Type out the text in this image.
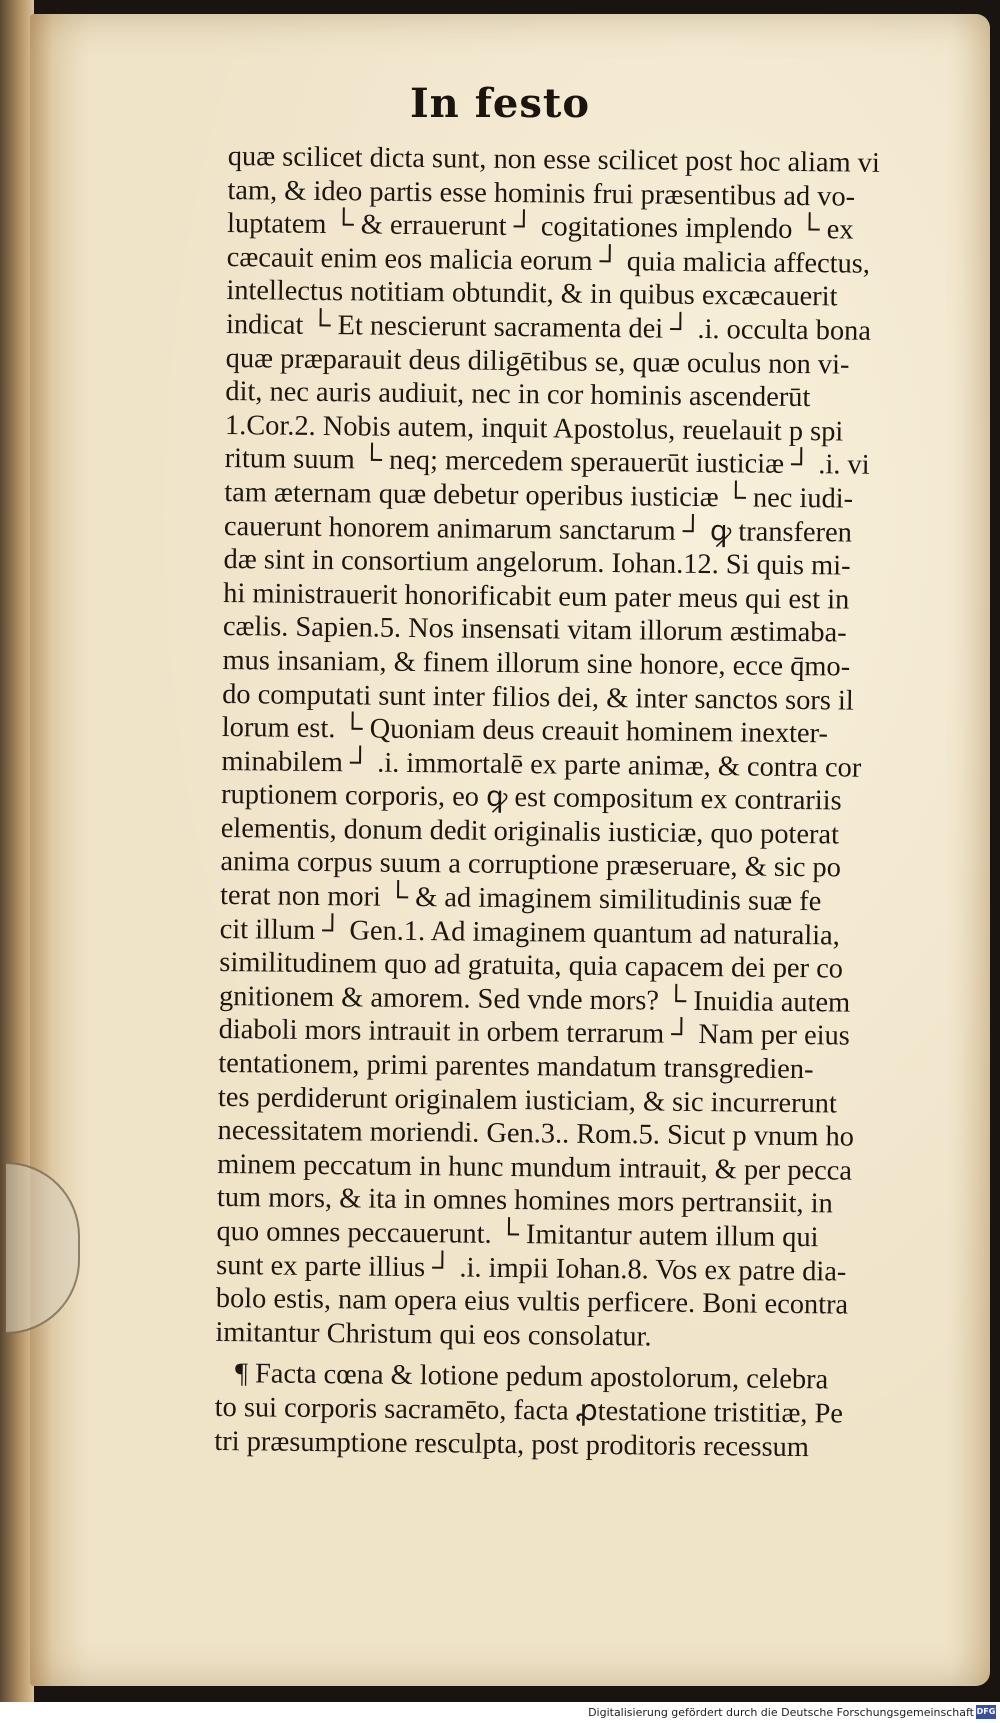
In festo
quæ scilicet dicta sunt, non esse scilicet post hoc aliam vi
tam, & ideo partis esse hominis frui præsentibus ad vo-
luptatem └ & errauerunt ┘ cogitationes implendo └ ex
cæcauit enim eos malicia eorum ┘ quia malicia affectus,
intellectus notitiam obtundit, & in quibus excæcauerit
indicat └ Et nescierunt sacramenta dei ┘ .i. occulta bona
quæ præparauit deus diligētibus se, quæ oculus non vi-
dit, nec auris audiuit, nec in cor hominis ascenderūt
1.Cor.2. Nobis autem, inquit Apostolus, reuelauit p spi
ritum suum └ neq; mercedem sperauerūt iusticiæ ┘ .i. vi
tam æternam quæ debetur operibus iusticiæ └ nec iudi-
cauerunt honorem animarum sanctarum ┘ ꝙ transferen
dæ sint in consortium angelorum. Iohan.12. Si quis mi-
hi ministrauerit honorificabit eum pater meus qui est in
cælis. Sapien.5. Nos insensati vitam illorum æstimaba-
mus insaniam, & finem illorum sine honore, ecce q̄mo-
do computati sunt inter filios dei, & inter sanctos sors il
lorum est. └ Quoniam deus creauit hominem inexter-
minabilem ┘ .i. immortalē ex parte animæ, & contra cor
ruptionem corporis, eo ꝙ est compositum ex contrariis
elementis, donum dedit originalis iusticiæ, quo poterat
anima corpus suum a corruptione præseruare, & sic po
terat non mori └ & ad imaginem similitudinis suæ fe
cit illum ┘ Gen.1. Ad imaginem quantum ad naturalia,
similitudinem quo ad gratuita, quia capacem dei per co
gnitionem & amorem. Sed vnde mors? └ Inuidia autem
diaboli mors intrauit in orbem terrarum ┘ Nam per eius
tentationem, primi parentes mandatum transgredien-
tes perdiderunt originalem iusticiam, & sic incurrerunt
necessitatem moriendi. Gen.3.. Rom.5. Sicut p vnum ho
minem peccatum in hunc mundum intrauit, & per pecca
tum mors, & ita in omnes homines mors pertransiit, in
quo omnes peccauerunt. └ Imitantur autem illum qui
sunt ex parte illius ┘ .i. impii Iohan.8. Vos ex patre dia-
bolo estis, nam opera eius vultis perficere. Boni econtra
imitantur Christum qui eos consolatur.
¶ Facta cœna & lotione pedum apostolorum, celebra
to sui corporis sacramēto, facta ꝓtestatione tristitiæ, Pe
tri præsumptione resculpta, post proditoris recessum
Digitalisierung gefördert durch die Deutsche Forschungsgemeinschaft DFG
